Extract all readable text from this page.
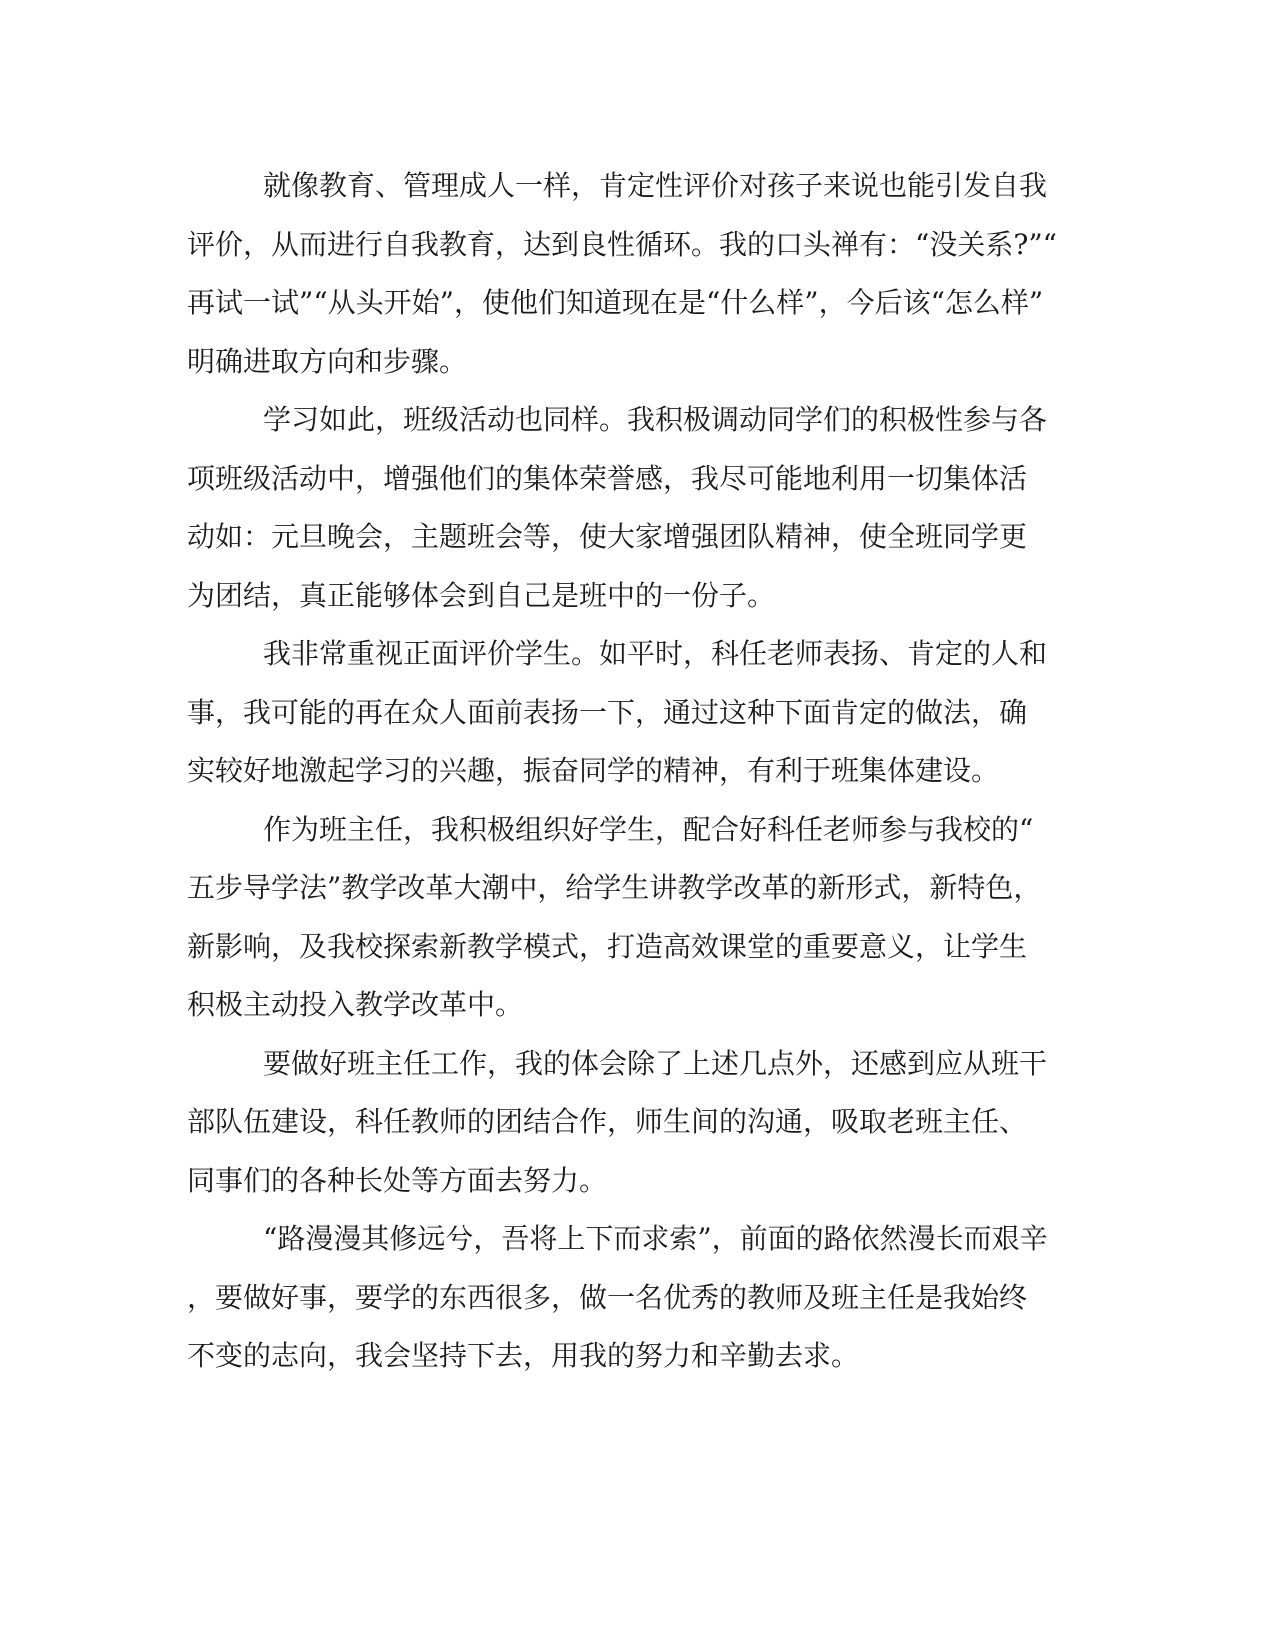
就像教育、管理成人一样，肯定性评价对孩子来说也能引发自我
评价，从而进行自我教育，达到良性循环。我的口头禅有：“没关系?”“
再试一试”“从头开始”，使他们知道现在是“什么样”，今后该“怎么样”
明确进取方向和步骤。
学习如此，班级活动也同样。我积极调动同学们的积极性参与各
项班级活动中，增强他们的集体荣誉感，我尽可能地利用一切集体活
动如：元旦晚会，主题班会等，使大家增强团队精神，使全班同学更
为团结，真正能够体会到自己是班中的一份子。
我非常重视正面评价学生。如平时，科任老师表扬、肯定的人和
事，我可能的再在众人面前表扬一下，通过这种下面肯定的做法，确
实较好地激起学习的兴趣，振奋同学的精神，有利于班集体建设。
作为班主任，我积极组织好学生，配合好科任老师参与我校的“
五步导学法”教学改革大潮中，给学生讲教学改革的新形式，新特色，
新影响，及我校探索新教学模式，打造高效课堂的重要意义，让学生
积极主动投入教学改革中。
要做好班主任工作，我的体会除了上述几点外，还感到应从班干
部队伍建设，科任教师的团结合作，师生间的沟通，吸取老班主任、
同事们的各种长处等方面去努力。
“路漫漫其修远兮，吾将上下而求索”，前面的路依然漫长而艰辛
，要做好事，要学的东西很多，做一名优秀的教师及班主任是我始终
不变的志向，我会坚持下去，用我的努力和辛勤去求。
